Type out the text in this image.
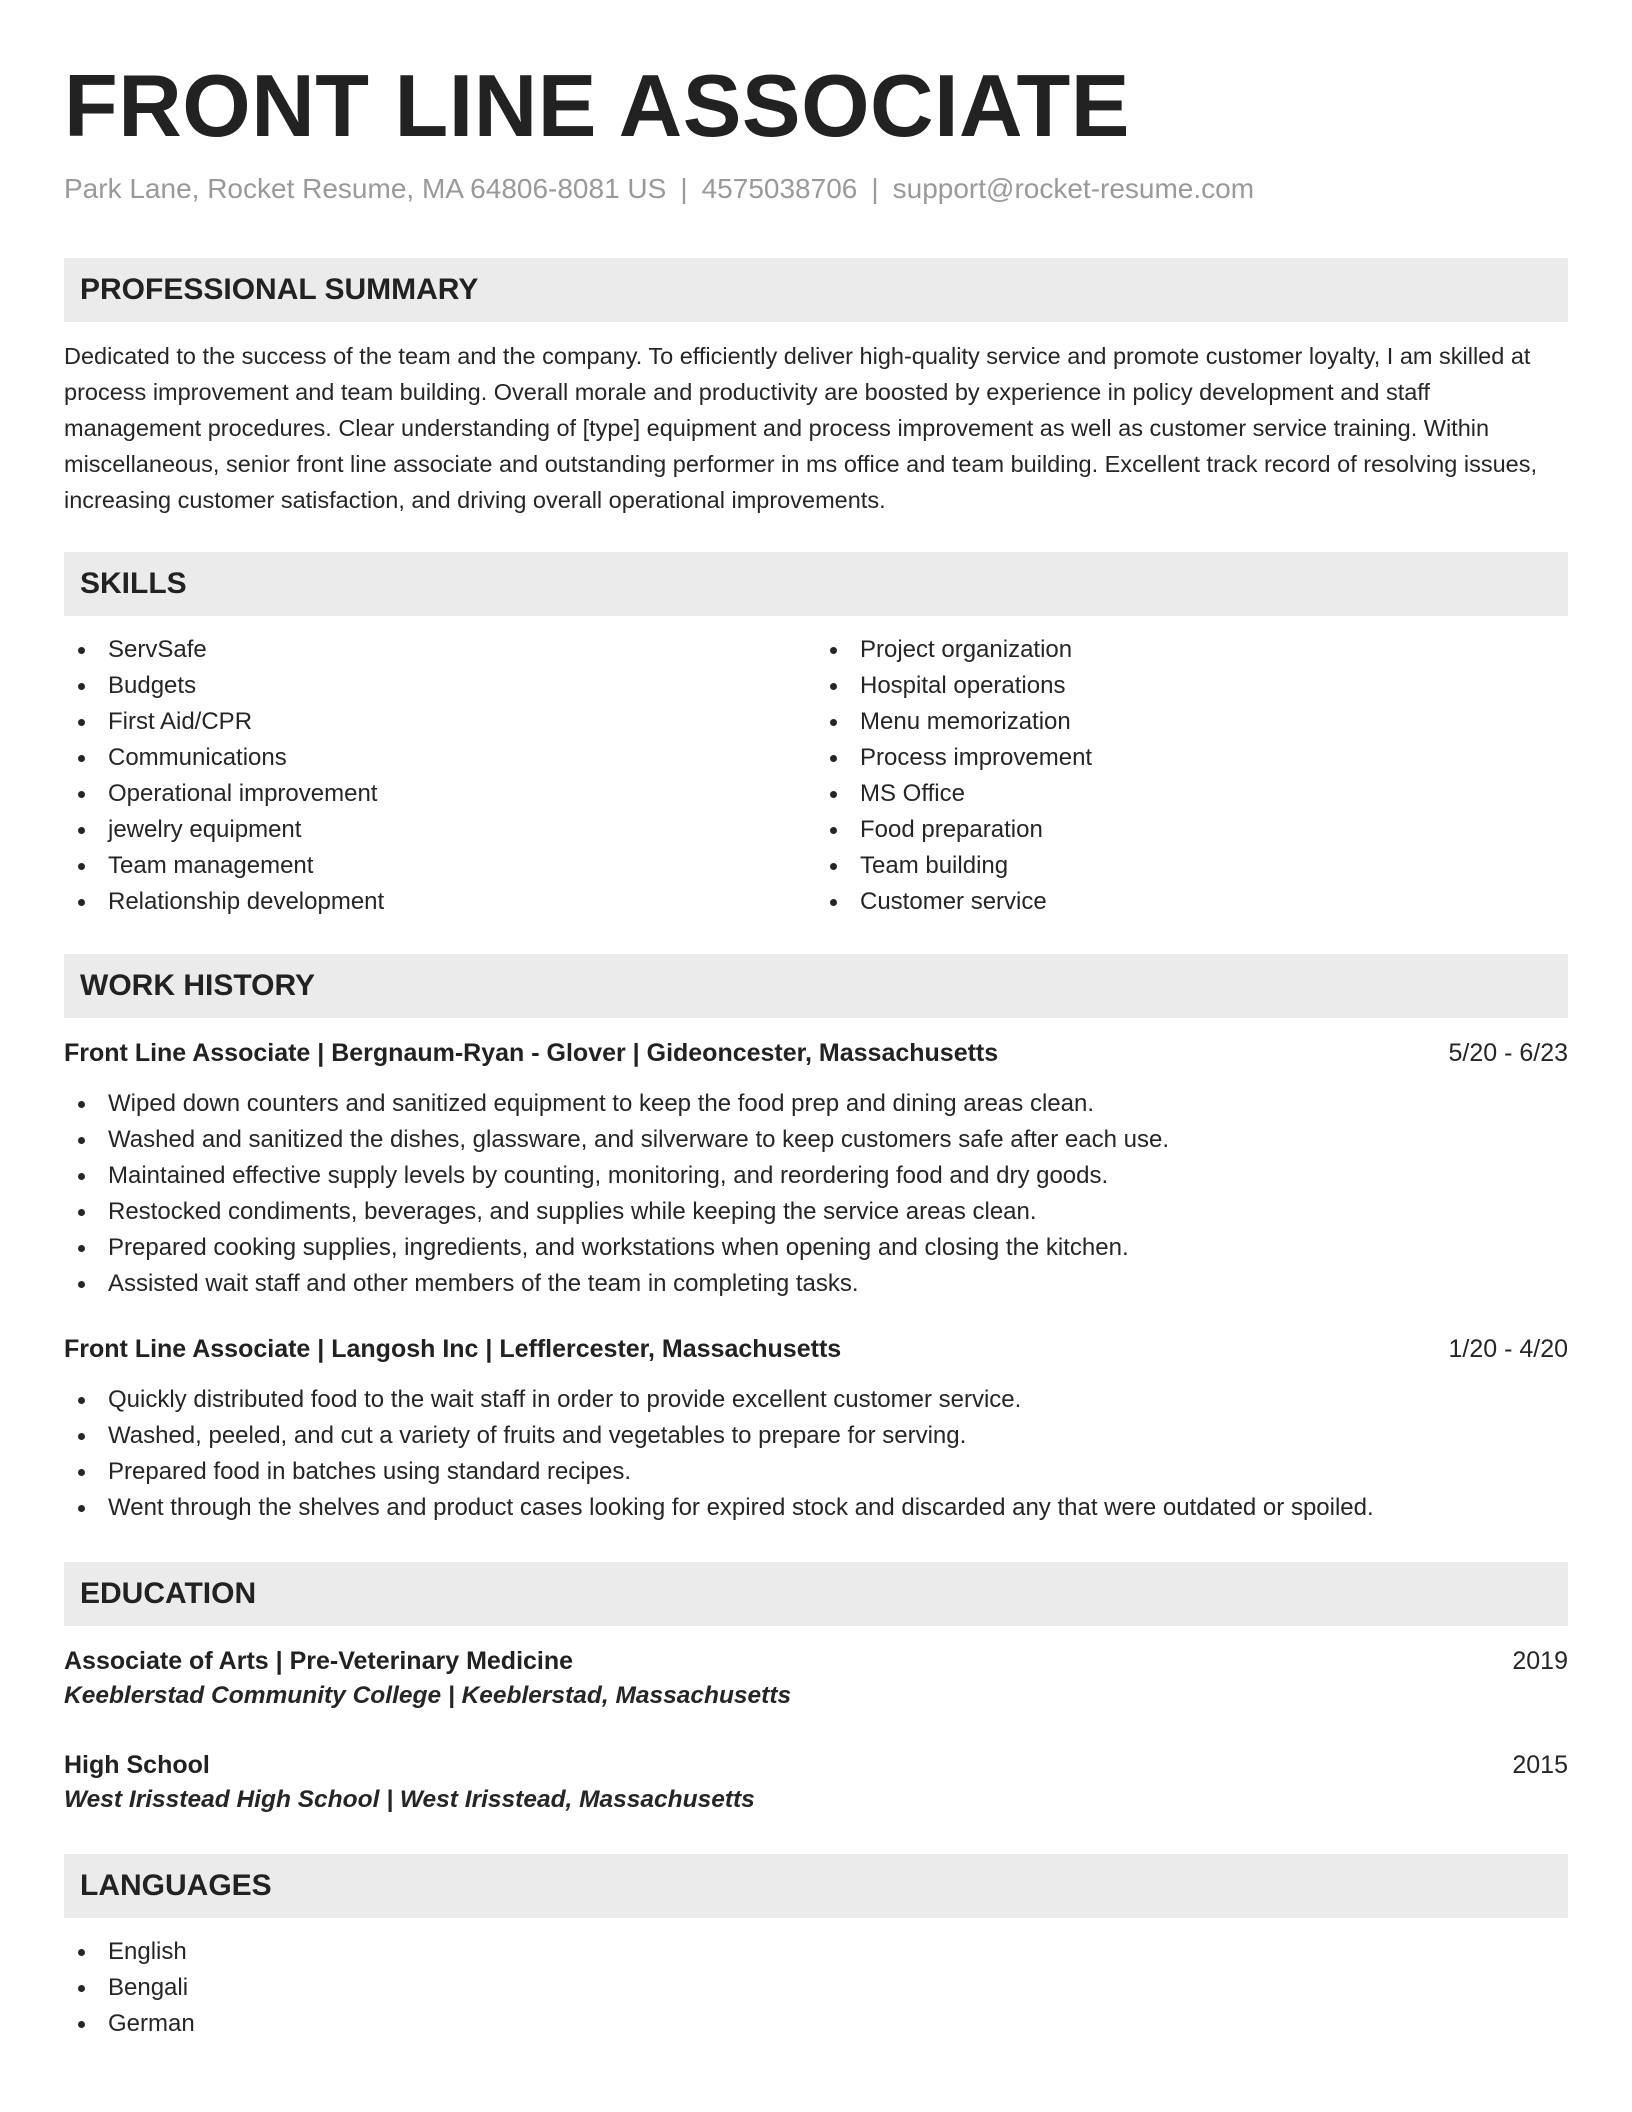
FRONT LINE ASSOCIATE
Park Lane, Rocket Resume, MA 64806-8081 US | 4575038706 | support@rocket-resume.com
PROFESSIONAL SUMMARY
Dedicated to the success of the team and the company. To efficiently deliver high-quality service and promote customer loyalty, I am skilled at process improvement and team building. Overall morale and productivity are boosted by experience in policy development and staff management procedures. Clear understanding of [type] equipment and process improvement as well as customer service training. Within miscellaneous, senior front line associate and outstanding performer in ms office and team building. Excellent track record of resolving issues, increasing customer satisfaction, and driving overall operational improvements.
SKILLS
ServSafe
Budgets
First Aid/CPR
Communications
Operational improvement
jewelry equipment
Team management
Relationship development
Project organization
Hospital operations
Menu memorization
Process improvement
MS Office
Food preparation
Team building
Customer service
WORK HISTORY
Front Line Associate | Bergnaum-Ryan - Glover | Gideoncester, Massachusetts	5/20 - 6/23
Wiped down counters and sanitized equipment to keep the food prep and dining areas clean.
Washed and sanitized the dishes, glassware, and silverware to keep customers safe after each use.
Maintained effective supply levels by counting, monitoring, and reordering food and dry goods.
Restocked condiments, beverages, and supplies while keeping the service areas clean.
Prepared cooking supplies, ingredients, and workstations when opening and closing the kitchen.
Assisted wait staff and other members of the team in completing tasks.
Front Line Associate | Langosh Inc | Lefflercester, Massachusetts	1/20 - 4/20
Quickly distributed food to the wait staff in order to provide excellent customer service.
Washed, peeled, and cut a variety of fruits and vegetables to prepare for serving.
Prepared food in batches using standard recipes.
Went through the shelves and product cases looking for expired stock and discarded any that were outdated or spoiled.
EDUCATION
Associate of Arts | Pre-Veterinary Medicine	2019
Keeblerstad Community College | Keeblerstad, Massachusetts
High School	2015
West Irisstead High School | West Irisstead, Massachusetts
LANGUAGES
English
Bengali
German
